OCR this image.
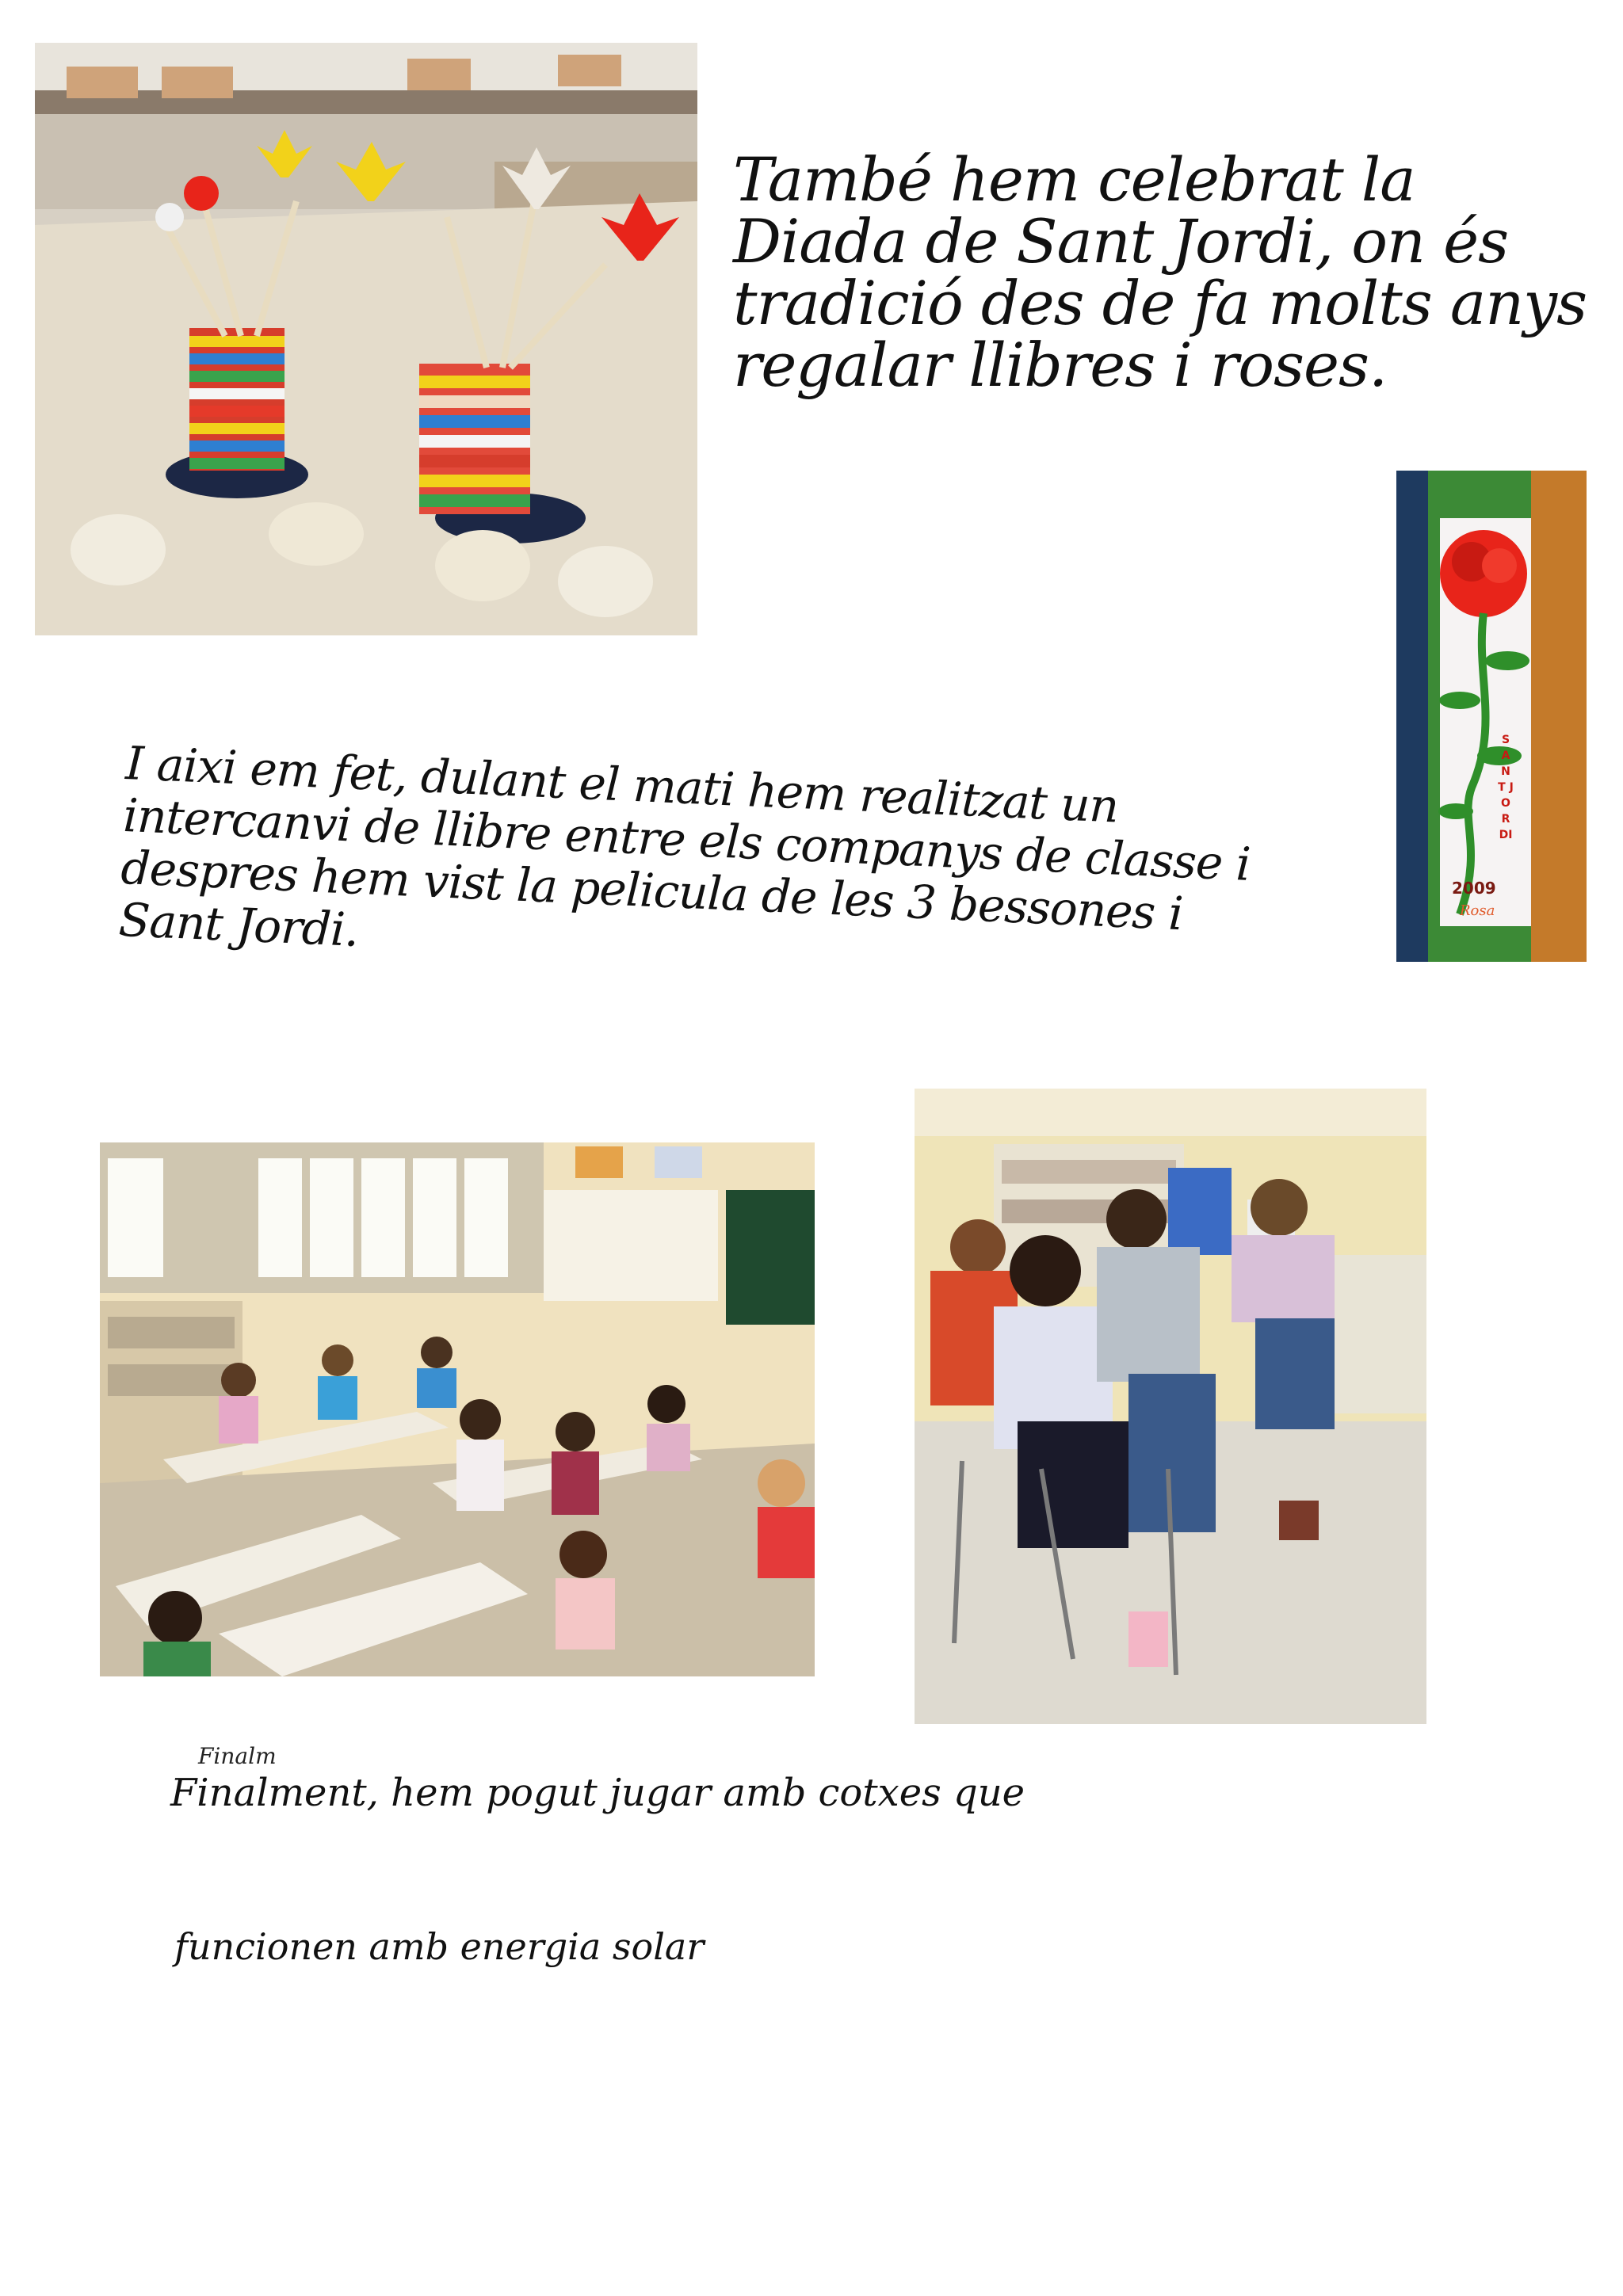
També hem celebrat la Diada de Sant Jordi, on és tradició des de fa molts anys regalar llibres i roses.

SANT JORDI
2009
Rosa

I aixi em fet, dulant el mati hem realitzat un intercanvi de llibre entre els companys de classe i despres hem vist la pelicula de les 3 bessones i Sant Jordi.

Finalm

Finalment, hem pogut jugar amb cotxes que

funcionen amb energia solar
